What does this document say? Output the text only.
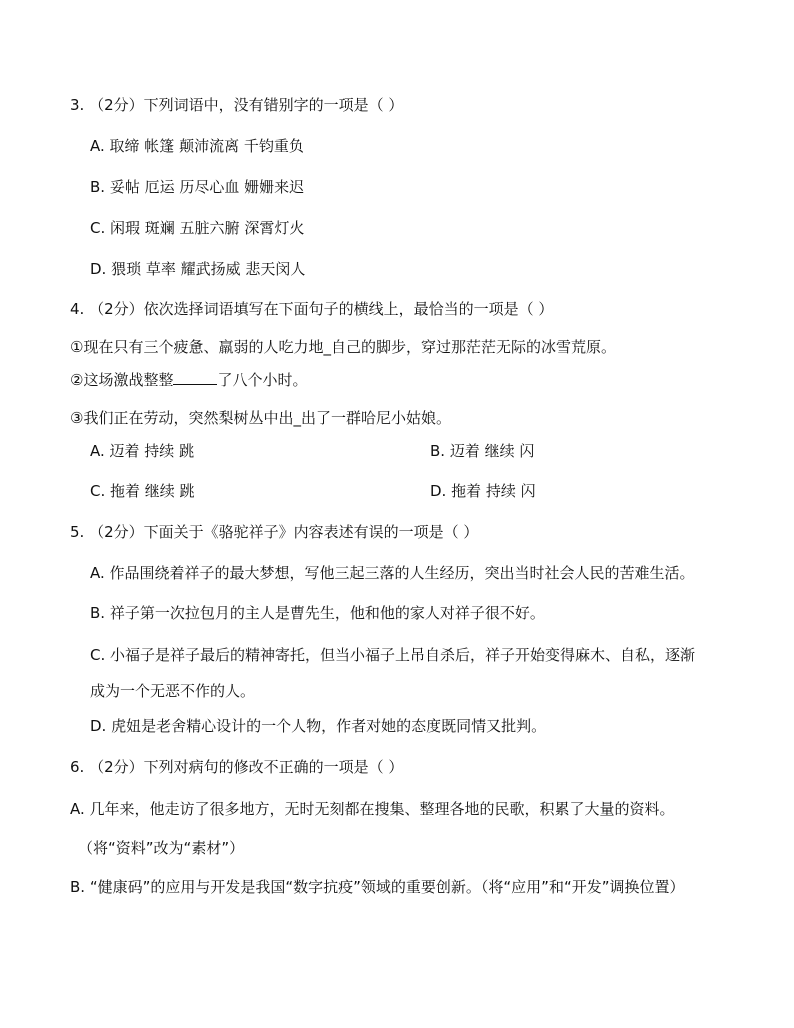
3. （2分）下列词语中，没有错别字的一项是（ ）
A. 取缔 帐篷 颠沛流离 千钧重负
B. 妥帖 厄运 历尽心血 姗姗来迟
C. 闲瑕 斑斓 五脏六腑 深霄灯火
D. 猥琐 草率 耀武扬威 悲天闵人
4. （2分）依次选择词语填写在下面句子的横线上，最恰当的一项是（ ）
①现在只有三个疲惫、羸弱的人吃力地_自己的脚步，穿过那茫茫无际的冰雪荒原。
②这场激战整整	了八个小时。
③我们正在劳动，突然梨树丛中出_出了一群哈尼小姑娘。
A. 迈着 持续 跳	B. 迈着 继续 闪
C. 拖着 继续 跳	D. 拖着 持续 闪
5. （2分）下面关于《骆驼祥子》内容表述有误的一项是（ ）
A. 作品围绕着祥子的最大梦想，写他三起三落的人生经历，突出当时社会人民的苦难生活。
B. 祥子第一次拉包月的主人是曹先生，他和他的家人对祥子很不好。
C. 小福子是祥子最后的精神寄托，但当小福子上吊自杀后，祥子开始变得麻木、自私，逐渐
成为一个无恶不作的人。
D. 虎妞是老舍精心设计的一个人物，作者对她的态度既同情又批判。
6. （2分）下列对病句的修改不正确的一项是（ ）
A. 几年来，他走访了很多地方，无时无刻都在搜集、整理各地的民歌，积累了大量的资料。
（将“资料”改为“素材”）
B. “健康码”的应用与开发是我国“数字抗疫”领域的重要创新。（将“应用”和“开发”调换位置）
